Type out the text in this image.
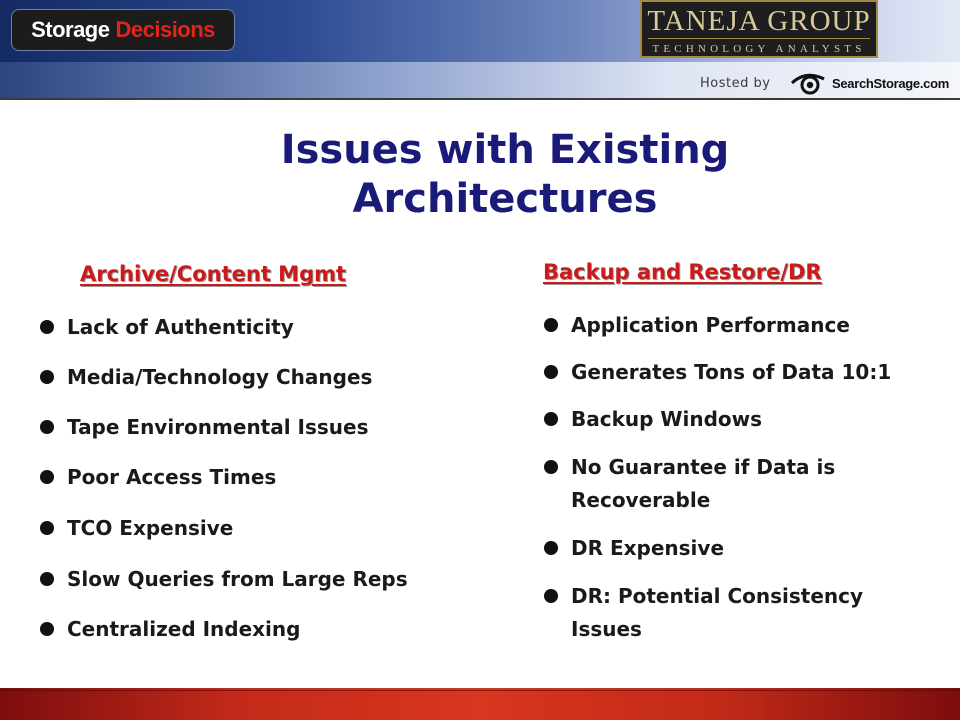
Storage Decisions	TANEJA GROUP
TECHNOLOGY ANALYSTS
Hosted by	SearchStorage.com
Issues with Existing
Architectures
Archive/Content Mgmt	Backup and Restore/DR
Lack of Authenticity
Media/Technology Changes
Tape Environmental Issues
Poor Access Times
TCO Expensive
Slow Queries from Large Reps
Centralized Indexing
Application Performance
Generates Tons of Data 10:1
Backup Windows
No Guarantee if Data is
Recoverable
DR Expensive
DR: Potential Consistency
Issues
